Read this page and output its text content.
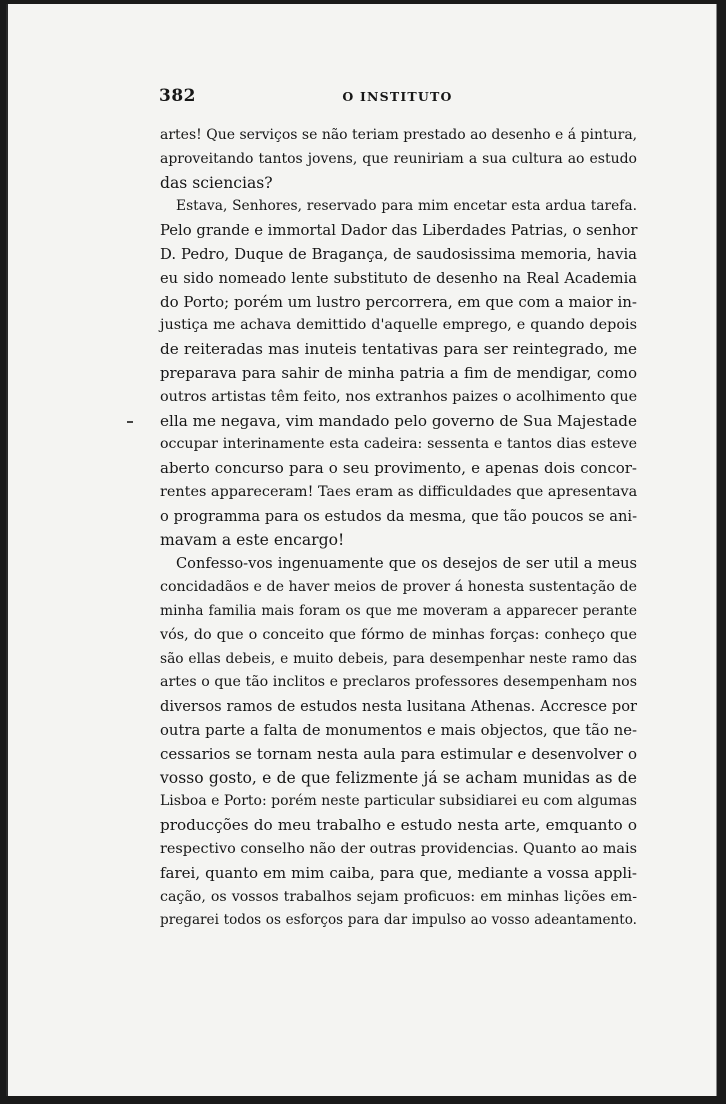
382	O INSTITUTO
artes! Que serviços se não teriam prestado ao desenho e á pintura,
aproveitando tantos jovens, que reuniriam a sua cultura ao estudo
das sciencias?
Estava, Senhores, reservado para mim encetar esta ardua tarefa.
Pelo grande e immortal Dador das Liberdades Patrias, o senhor
D. Pedro, Duque de Bragança, de saudosissima memoria, havia
eu sido nomeado lente substituto de desenho na Real Academia
do Porto; porém um lustro percorrera, em que com a maior in-
justiça me achava demittido d'aquelle emprego, e quando depois
de reiteradas mas inuteis tentativas para ser reintegrado, me
preparava para sahir de minha patria a fim de mendigar, como
outros artistas têm feito, nos extranhos paizes o acolhimento que
ella me negava, vim mandado pelo governo de Sua Majestade
occupar interinamente esta cadeira: sessenta e tantos dias esteve
aberto concurso para o seu provimento, e apenas dois concor-
rentes appareceram! Taes eram as difficuldades que apresentava
o programma para os estudos da mesma, que tão poucos se ani-
mavam a este encargo!
Confesso-vos ingenuamente que os desejos de ser util a meus
concidadãos e de haver meios de prover á honesta sustentação de
minha familia mais foram os que me moveram a apparecer perante
vós, do que o conceito que fórmo de minhas forças: conheço que
são ellas debeis, e muito debeis, para desempenhar neste ramo das
artes o que tão inclitos e preclaros professores desempenham nos
diversos ramos de estudos nesta lusitana Athenas. Accresce por
outra parte a falta de monumentos e mais objectos, que tão ne-
cessarios se tornam nesta aula para estimular e desenvolver o
vosso gosto, e de que felizmente já se acham munidas as de
Lisboa e Porto: porém neste particular subsidiarei eu com algumas
producções do meu trabalho e estudo nesta arte, emquanto o
respectivo conselho não der outras providencias. Quanto ao mais
farei, quanto em mim caiba, para que, mediante a vossa appli-
cação, os vossos trabalhos sejam proficuos: em minhas lições em-
pregarei todos os esforços para dar impulso ao vosso adeantamento.
